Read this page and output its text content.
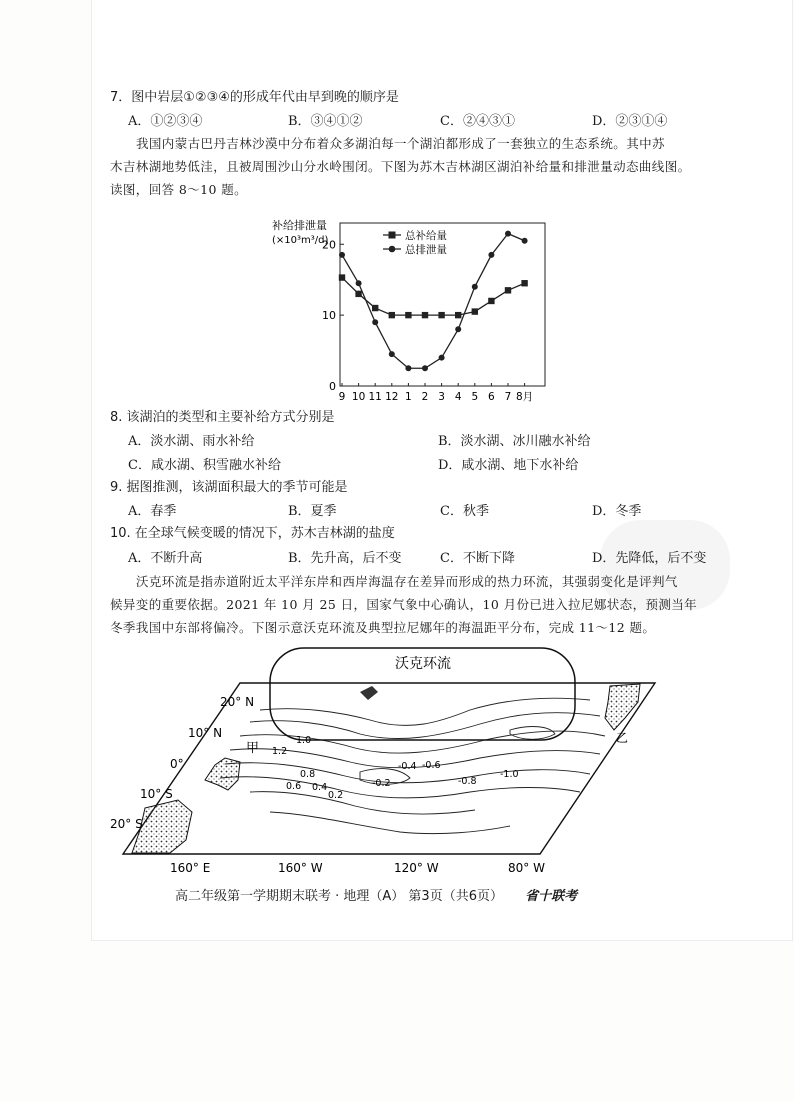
7．图中岩层①②③④的形成年代由早到晚的顺序是
A．①②③④	B．③④①②	C．②④③①	D．②③①④
我国内蒙古巴丹吉林沙漠中分布着众多湖泊每一个湖泊都形成了一套独立的生态系统。其中苏
木吉林湖地势低洼，且被周围沙山分水岭围闭。下图为苏木吉林湖区湖泊补给量和排泄量动态曲线图。
读图，回答 8～10 题。
补给排泄量
(×10³m³/d)
0
10
20
9 10 11 12 1 2 3 4 5 6 7 8月
总补给量
总排泄量
8. 该湖泊的类型和主要补给方式分别是
A．淡水湖、雨水补给	B．淡水湖、冰川融水补给
C．咸水湖、积雪融水补给	D．咸水湖、地下水补给
9. 据图推测，该湖面积最大的季节可能是
A．春季	B．夏季	C．秋季	D．冬季
10. 在全球气候变暖的情况下，苏木吉林湖的盐度
A．不断升高	B．先升高，后不变	C．不断下降	D．先降低，后不变
沃克环流是指赤道附近太平洋东岸和西岸海温存在差异而形成的热力环流，其强弱变化是评判气
候异变的重要依据。2021 年 10 月 25 日，国家气象中心确认，10 月份已进入拉尼娜状态，预测当年
冬季我国中东部将偏冷。下图示意沃克环流及典型拉尼娜年的海温距平分布，完成 11～12 题。
沃克环流
20° N
10° N
0°
10° S
20° S
160° E	160° W	120° W	80° W
甲
乙
1.2
1.0
0.8
0.6 0.4
0.2
-0.2
-0.4 -0.6
-0.8
-1.0
高二年级第一学期期末联考 · 地理（A） 第3页（共6页） 省十联考
